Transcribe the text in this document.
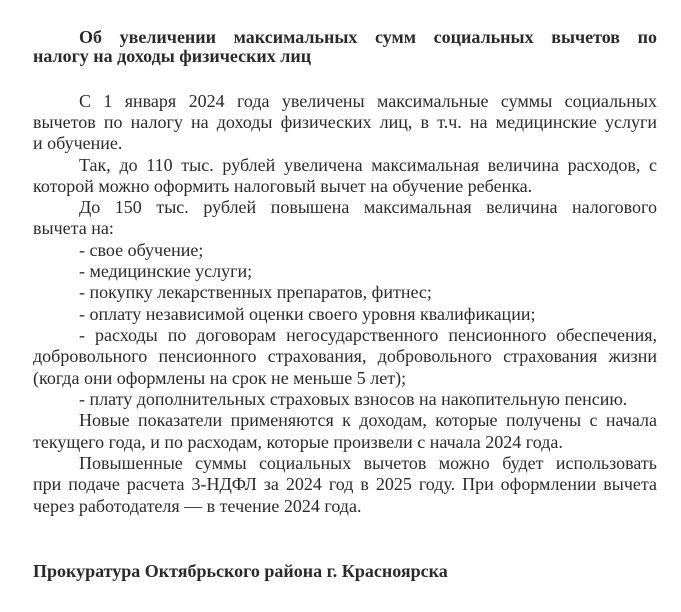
Об увеличении максимальных сумм социальных вычетов по
налогу на доходы физических лиц
С 1 января 2024 года увеличены максимальные суммы социальных
вычетов по налогу на доходы физических лиц, в т.ч. на медицинские услуги
и обучение.
Так, до 110 тыс. рублей увеличена максимальная величина расходов, с
которой можно оформить налоговый вычет на обучение ребенка.
До 150 тыс. рублей повышена максимальная величина налогового
вычета на:
- свое обучение;
- медицинские услуги;
- покупку лекарственных препаратов, фитнес;
- оплату независимой оценки своего уровня квалификации;
- расходы по договорам негосударственного пенсионного обеспечения,
добровольного пенсионного страхования, добровольного страхования жизни
(когда они оформлены на срок не меньше 5 лет);
- плату дополнительных страховых взносов на накопительную пенсию.
Новые показатели применяются к доходам, которые получены с начала
текущего года, и по расходам, которые произвели с начала 2024 года.
Повышенные суммы социальных вычетов можно будет использовать
при подаче расчета 3-НДФЛ за 2024 год в 2025 году. При оформлении вычета
через работодателя — в течение 2024 года.
Прокуратура Октябрьского района г. Красноярска
